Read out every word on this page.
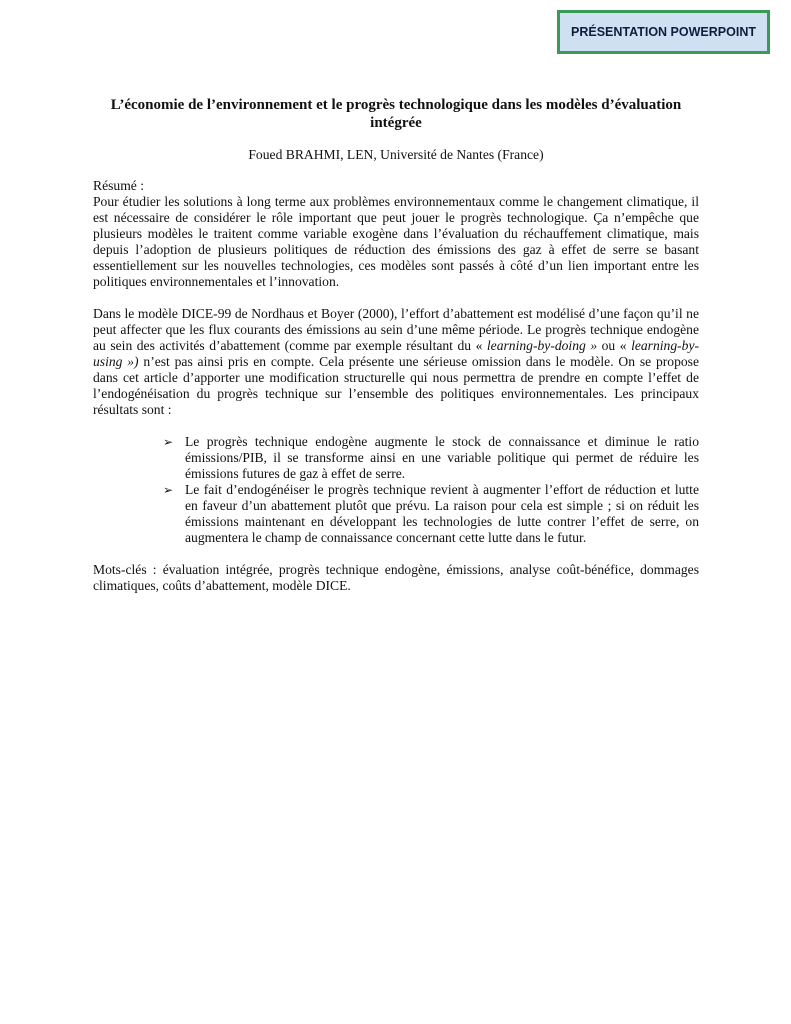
PRÉSENTATION POWERPOINT
L’économie de l’environnement et le progrès technologique dans les modèles d’évaluation intégrée
Foued BRAHMI, LEN, Université de Nantes (France)
Résumé :

Pour étudier les solutions à long terme aux problèmes environnementaux comme le changement climatique, il est nécessaire de considérer le rôle important que peut jouer le progrès technologique. Ça n’empêche que plusieurs modèles le traitent comme variable exogène dans l’évaluation du réchauffement climatique, mais depuis l’adoption de plusieurs politiques de réduction des émissions des gaz à effet de serre se basant essentiellement sur les nouvelles technologies, ces modèles sont passés à côté d’un lien important entre les politiques environnementales et l’innovation.

Dans le modèle DICE-99 de Nordhaus et Boyer (2000), l’effort d’abattement est modélisé d’une façon qu’il ne peut affecter que les flux courants des émissions au sein d’une même période. Le progrès technique endogène au sein des activités d’abattement (comme par exemple résultant du « learning-by-doing » ou « learning-by-using ») n’est pas ainsi pris en compte. Cela présente une sérieuse omission dans le modèle. On se propose dans cet article d’apporter une modification structurelle qui nous permettra de prendre en compte l’effet de l’endogénéisation du progrès technique sur l’ensemble des politiques environnementales. Les principaux résultats sont :

➢ Le progrès technique endogène augmente le stock de connaissance et diminue le ratio émissions/PIB, il se transforme ainsi en une variable politique qui permet de réduire les émissions futures de gaz à effet de serre.
➢ Le fait d’endogénéiser le progrès technique revient à augmenter l’effort de réduction et lutte en faveur d’un abattement plutôt que prévu. La raison pour cela est simple ; si on réduit les émissions maintenant en développant les technologies de lutte contrer l’effet de serre, on augmentera le champ de connaissance concernant cette lutte dans le futur.

Mots-clés : évaluation intégrée, progrès technique endogène, émissions, analyse coût-bénéfice, dommages climatiques, coûts d’abattement, modèle DICE.
